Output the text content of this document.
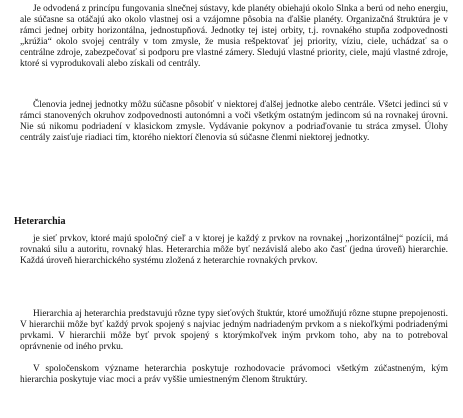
Je odvodená z princípu fungovania slnečnej sústavy, kde planéty obiehajú okolo Slnka a berú od neho energiu, ale súčasne sa otáčajú ako okolo vlastnej osi a vzájomne pôsobia na ďalšie planéty. Organizačná štruktúra je v rámci jednej orbity horizontálna, jednostupňová. Jednotky tej istej orbity, t.j. rovnakého stupňa zodpovednosti „krúžia“ okolo svojej centrály v tom zmysle, že musia rešpektovať jej priority, víziu, ciele, uchádzať sa o centrálne zdroje, zabezpečovať si podporu pre vlastné zámery. Sledujú vlastné priority, ciele, majú vlastné zdroje, ktoré si vyprodukovali alebo získali od centrály.

Členovia jednej jednotky môžu súčasne pôsobiť v niektorej ďalšej jednotke alebo centrále. Všetci jedinci sú v rámci stanovených okruhov zodpovednosti autonómni a voči všetkým ostatným jedincom sú na rovnakej úrovni. Nie sú nikomu podriadení v klasickom zmysle. Vydávanie pokynov a podriaďovanie tu stráca zmysel. Úlohy centrály zaisťuje riadiaci tím, ktorého niektorí členovia sú súčasne členmi niektorej jednotky.

Heterarchia

je sieť prvkov, ktoré majú spoločný cieľ a v ktorej je každý z prvkov na rovnakej „horizontálnej“ pozícii, má rovnakú silu a autoritu, rovnaký hlas. Heterarchia môže byť nezávislá alebo ako časť (jedna úroveň) hierarchie. Každá úroveň hierarchického systému zložená z heterarchie rovnakých prvkov.

Hierarchia aj heterarchia predstavujú rôzne typy sieťových štuktúr, ktoré umožňujú rôzne stupne prepojenosti. V hierarchii môže byť každý prvok spojený s najviac jedným nadriadeným prvkom a s niekoľkými podriadenými prvkami. V hierarchii môže byť prvok spojený s ktorýmkoľvek iným prvkom toho, aby na to potreboval oprávnenie od iného prvku.

V spoločenskom význame heterarchia poskytuje rozhodovacie právomoci všetkým zúčastneným, kým hierarchia poskytuje viac moci a práv vyššie umiestneným členom štruktúry.
